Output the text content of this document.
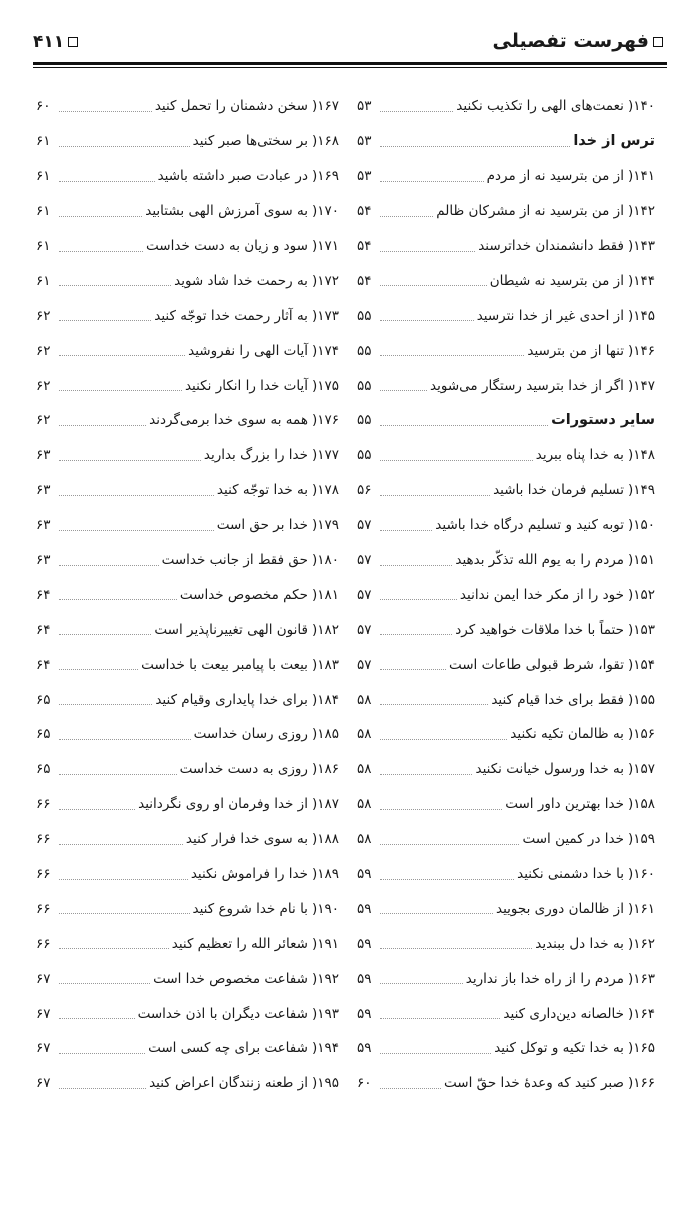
فهرست تفصیلی
۴۱۱
۵۳	نعمت‌های الهی را تکذیب نکنید ) ۱۴۰
۵۳	ترس از خدا
۵۳	از من بترسید نه از مردم ) ۱۴۱
۵۴	از من بترسید نه از مشرکان ظالم ) ۱۴۲
۵۴	فقط دانشمندان خداترسند ) ۱۴۳
۵۴	از من بترسید نه شیطان ) ۱۴۴
۵۵	از احدی غیر از خدا نترسید ) ۱۴۵
۵۵	تنها از من بترسید ) ۱۴۶
۵۵	اگر از خدا بترسید رستگار می‌شوید ) ۱۴۷
۵۵	سایر دستورات
۵۵	به خدا پناه ببرید ) ۱۴۸
۵۶	تسلیم فرمان خدا باشید ) ۱۴۹
۵۷	توبه کنید و تسلیم درگاه خدا باشید ) ۱۵۰
۵۷	مردم را به یوم الله تذکّر بدهید ) ۱۵۱
۵۷	خود را از مکر خدا ایمن ندانید ) ۱۵۲
۵۷	حتماً با خدا ملاقات خواهید کرد ) ۱۵۳
۵۷	تقوا، شرط قبولی طاعات است ) ۱۵۴
۵۸	فقط برای خدا قیام کنید ) ۱۵۵
۵۸	به ظالمان تکیه نکنید ) ۱۵۶
۵۸	به خدا ورسول خیانت نکنید ) ۱۵۷
۵۸	خدا بهترین داور است ) ۱۵۸
۵۸	خدا در کمین است ) ۱۵۹
۵۹	با خدا دشمنی نکنید ) ۱۶۰
۵۹	از ظالمان دوری بجویید ) ۱۶۱
۵۹	به خدا دل ببندید ) ۱۶۲
۵۹	مردم را از راه خدا باز ندارید ) ۱۶۳
۵۹	خالصانه دین‌داری کنید ) ۱۶۴
۵۹	به خدا تکیه و توکل کنید ) ۱۶۵
۶۰	صبر کنید که وعدهٔ خدا حقّ است ) ۱۶۶
۶۰	سخن دشمنان را تحمل کنید ) ۱۶۷
۶۱	بر سختی‌ها صبر کنید ) ۱۶۸
۶۱	در عبادت صبر داشته باشید ) ۱۶۹
۶۱	به سوی آمرزش الهی بشتابید ) ۱۷۰
۶۱	سود و زیان به دست خداست ) ۱۷۱
۶۱	به رحمت خدا شاد شوید ) ۱۷۲
۶۲	به آثار رحمت خدا توجّه کنید ) ۱۷۳
۶۲	آیات الهی را نفروشید ) ۱۷۴
۶۲	آیات خدا را انکار نکنید ) ۱۷۵
۶۲	همه به سوی خدا برمی‌گردند ) ۱۷۶
۶۳	خدا را بزرگ بدارید ) ۱۷۷
۶۳	به خدا توجّه کنید ) ۱۷۸
۶۳	خدا بر حق است ) ۱۷۹
۶۳	حق فقط از جانب خداست ) ۱۸۰
۶۴	حکم مخصوص خداست ) ۱۸۱
۶۴	قانون الهی تغییرناپذیر است ) ۱۸۲
۶۴	بیعت با پیامبر بیعت با خداست ) ۱۸۳
۶۵	برای خدا پایداری وقیام کنید ) ۱۸۴
۶۵	روزی رسان خداست ) ۱۸۵
۶۵	روزی به دست خداست ) ۱۸۶
۶۶	از خدا وفرمان او روی نگردانید ) ۱۸۷
۶۶	به سوی خدا فرار کنید ) ۱۸۸
۶۶	خدا را فراموش نکنید ) ۱۸۹
۶۶	با نام خدا شروع کنید ) ۱۹۰
۶۶	شعائر الله را تعظیم کنید ) ۱۹۱
۶۷	شفاعت مخصوص خدا است ) ۱۹۲
۶۷	شفاعت دیگران با اذن خداست ) ۱۹۳
۶۷	شفاعت برای چه کسی است ) ۱۹۴
۶۷	از طعنه زنندگان اعراض کنید ) ۱۹۵
